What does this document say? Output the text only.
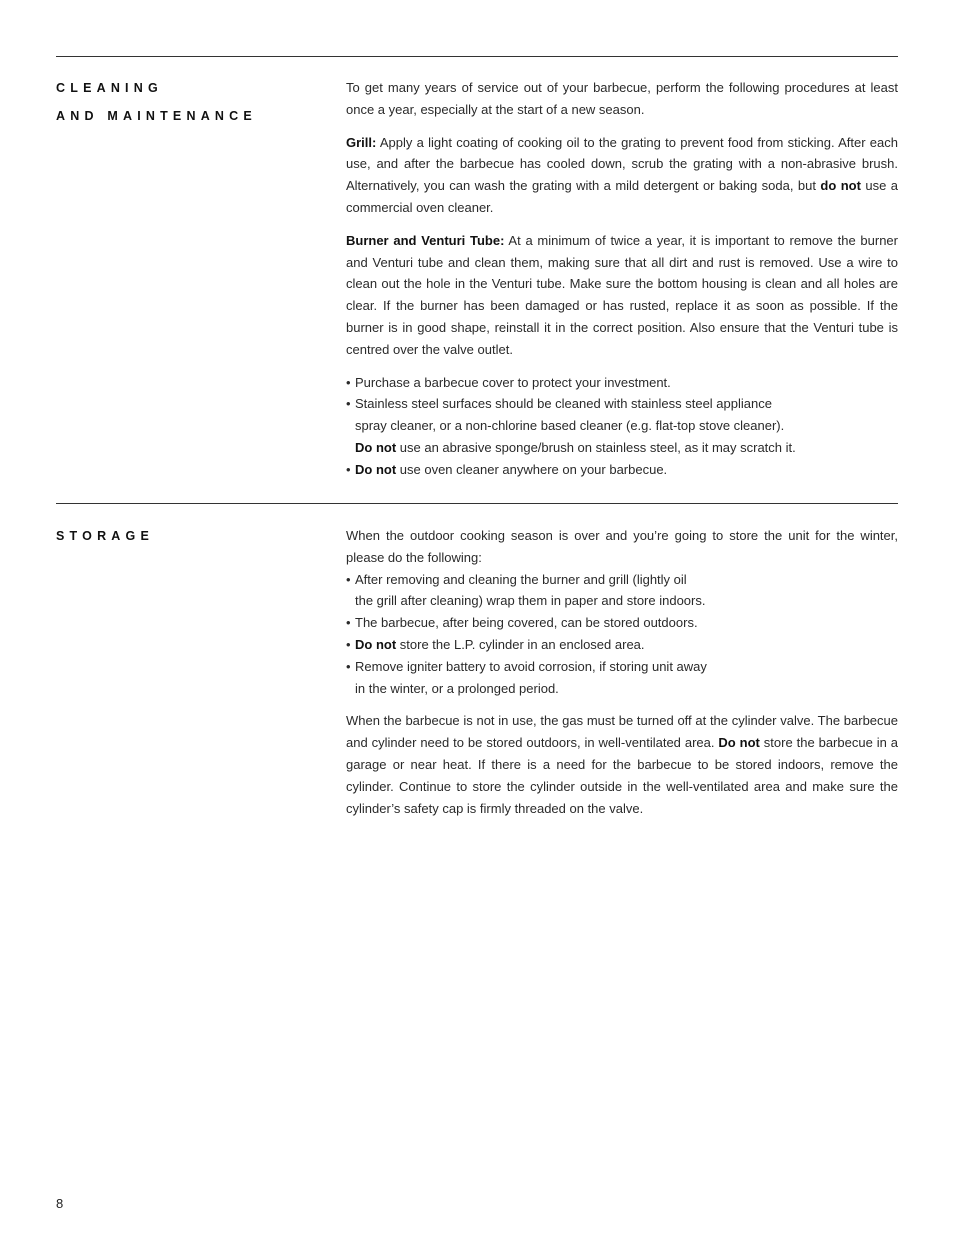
CLEANING
AND MAINTENANCE

To get many years of service out of your barbecue, perform the following procedures at least once a year, especially at the start of a new season.

Grill: Apply a light coating of cooking oil to the grating to prevent food from sticking. After each use, and after the barbecue has cooled down, scrub the grating with a non-abrasive brush. Alternatively, you can wash the grating with a mild detergent or baking soda, but do not use a commercial oven cleaner.

Burner and Venturi Tube: At a minimum of twice a year, it is important to remove the burner and Venturi tube and clean them, making sure that all dirt and rust is removed. Use a wire to clean out the hole in the Venturi tube. Make sure the bottom housing is clean and all holes are clear. If the burner has been damaged or has rusted, replace it as soon as possible. If the burner is in good shape, reinstall it in the correct position. Also ensure that the Venturi tube is centred over the valve outlet.

• Purchase a barbecue cover to protect your investment.
• Stainless steel surfaces should be cleaned with stainless steel appliance
spray cleaner, or a non-chlorine based cleaner (e.g. flat-top stove cleaner).
Do not use an abrasive sponge/brush on stainless steel, as it may scratch it.
• Do not use oven cleaner anywhere on your barbecue.
STORAGE	When the outdoor cooking season is over and you’re going to store the unit for the winter, please do the following:

• After removing and cleaning the burner and grill (lightly oil
the grill after cleaning) wrap them in paper and store indoors.
• The barbecue, after being covered, can be stored outdoors.
• Do not store the L.P. cylinder in an enclosed area.
• Remove igniter battery to avoid corrosion, if storing unit away
in the winter, or a prolonged period.

When the barbecue is not in use, the gas must be turned off at the cylinder valve. The barbecue and cylinder need to be stored outdoors, in well-ventilated area. Do not store the barbecue in a garage or near heat. If there is a need for the barbecue to be stored indoors, remove the cylinder. Continue to store the cylinder outside in the well-ventilated area and make sure the cylinder’s safety cap is firmly threaded on the valve.

8
